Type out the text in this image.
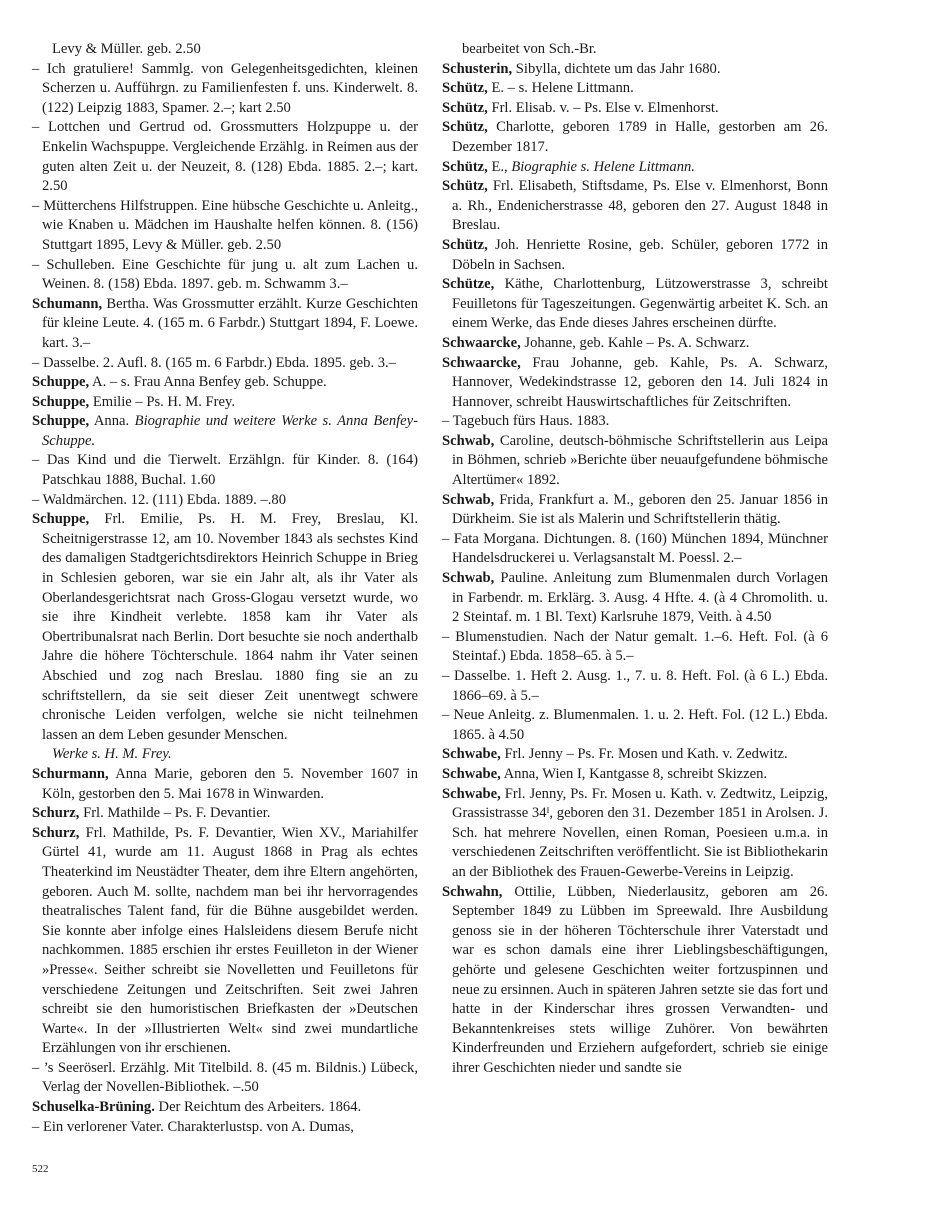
Levy & Müller. geb. 2.50

– Ich gratuliere! Sammlg. von Gelegenheitsgedichten, kleinen Scherzen u. Aufführgn. zu Familienfesten f. uns. Kinderwelt. 8. (122) Leipzig 1883, Spamer. 2.–; kart 2.50

– Lottchen und Gertrud od. Grossmutters Holzpuppe u. der Enkelin Wachspuppe. Vergleichende Erzählg. in Reimen aus der guten alten Zeit u. der Neuzeit, 8. (128) Ebda. 1885. 2.–; kart. 2.50

– Mütterchens Hilfstruppen. Eine hübsche Geschichte u. Anleitg., wie Knaben u. Mädchen im Haushalte helfen können. 8. (156) Stuttgart 1895, Levy & Müller. geb. 2.50

– Schulleben. Eine Geschichte für jung u. alt zum Lachen u. Weinen. 8. (158) Ebda. 1897. geb. m. Schwamm 3.–

Schumann, Bertha. Was Grossmutter erzählt. Kurze Geschichten für kleine Leute. 4. (165 m. 6 Farbdr.) Stuttgart 1894, F. Loewe. kart. 3.–

– Dasselbe. 2. Aufl. 8. (165 m. 6 Farbdr.) Ebda. 1895. geb. 3.–

Schuppe, A. – s. Frau Anna Benfey geb. Schuppe.

Schuppe, Emilie – Ps. H. M. Frey.

Schuppe, Anna. Biographie und weitere Werke s. Anna Benfey-Schuppe.

– Das Kind und die Tierwelt. Erzählgn. für Kinder. 8. (164) Patschkau 1888, Buchal. 1.60

– Waldmärchen. 12. (111) Ebda. 1889. –.80

Schuppe, Frl. Emilie, Ps. H. M. Frey, Breslau, Kl. Scheitnigerstrasse 12, am 10. November 1843 als sechstes Kind des damaligen Stadtgerichtsdirektors Heinrich Schuppe in Brieg in Schlesien geboren, war sie ein Jahr alt, als ihr Vater als Oberlandesgerichtsrat nach Gross-Glogau versetzt wurde, wo sie ihre Kindheit verlebte. 1858 kam ihr Vater als Obertribunalsrat nach Berlin. Dort besuchte sie noch anderthalb Jahre die höhere Töchterschule. 1864 nahm ihr Vater seinen Abschied und zog nach Breslau. 1880 fing sie an zu schriftstellern, da sie seit dieser Zeit unentwegt schwere chronische Leiden verfolgen, welche sie nicht teilnehmen lassen an dem Leben gesunder Menschen.

Werke s. H. M. Frey.

Schurmann, Anna Marie, geboren den 5. November 1607 in Köln, gestorben den 5. Mai 1678 in Winwarden.

Schurz, Frl. Mathilde – Ps. F. Devantier.

Schurz, Frl. Mathilde, Ps. F. Devantier, Wien XV., Mariahilfer Gürtel 41, wurde am 11. August 1868 in Prag als echtes Theaterkind im Neustädter Theater, dem ihre Eltern angehörten, geboren. Auch M. sollte, nachdem man bei ihr hervorragendes theatralisches Talent fand, für die Bühne ausgebildet werden. Sie konnte aber infolge eines Halsleidens diesem Berufe nicht nachkommen. 1885 erschien ihr erstes Feuilleton in der Wiener »Presse«. Seither schreibt sie Novelletten und Feuilletons für verschiedene Zeitungen und Zeitschriften. Seit zwei Jahren schreibt sie den humoristischen Briefkasten der »Deutschen Warte«. In der »Illustrierten Welt« sind zwei mundartliche Erzählungen von ihr erschienen.

– ’s Seeröserl. Erzählg. Mit Titelbild. 8. (45 m. Bildnis.) Lübeck, Verlag der Novellen-Bibliothek. –.50

Schuselka-Brüning. Der Reichtum des Arbeiters. 1864.

– Ein verlorener Vater. Charakterlustsp. von A. Dumas,

bearbeitet von Sch.-Br.

Schusterin, Sibylla, dichtete um das Jahr 1680.

Schütz, E. – s. Helene Littmann.

Schütz, Frl. Elisab. v. – Ps. Else v. Elmenhorst.

Schütz, Charlotte, geboren 1789 in Halle, gestorben am 26. Dezember 1817.

Schütz, E., Biographie s. Helene Littmann.

Schütz, Frl. Elisabeth, Stiftsdame, Ps. Else v. Elmenhorst, Bonn a. Rh., Endenicherstrasse 48, geboren den 27. August 1848 in Breslau.

Schütz, Joh. Henriette Rosine, geb. Schüler, geboren 1772 in Döbeln in Sachsen.

Schütze, Käthe, Charlottenburg, Lützowerstrasse 3, schreibt Feuilletons für Tageszeitungen. Gegenwärtig arbeitet K. Sch. an einem Werke, das Ende dieses Jahres erscheinen dürfte.

Schwaarcke, Johanne, geb. Kahle – Ps. A. Schwarz.

Schwaarcke, Frau Johanne, geb. Kahle, Ps. A. Schwarz, Hannover, Wedekindstrasse 12, geboren den 14. Juli 1824 in Hannover, schreibt Hauswirtschaftliches für Zeitschriften.

– Tagebuch fürs Haus. 1883.

Schwab, Caroline, deutsch-böhmische Schriftstellerin aus Leipa in Böhmen, schrieb »Berichte über neuaufgefundene böhmische Altertümer« 1892.

Schwab, Frida, Frankfurt a. M., geboren den 25. Januar 1856 in Dürkheim. Sie ist als Malerin und Schriftstellerin thätig.

– Fata Morgana. Dichtungen. 8. (160) München 1894, Münchner Handelsdruckerei u. Verlagsanstalt M. Poessl. 2.–

Schwab, Pauline. Anleitung zum Blumenmalen durch Vorlagen in Farbendr. m. Erklärg. 3. Ausg. 4 Hfte. 4. (à 4 Chromolith. u. 2 Steintaf. m. 1 Bl. Text) Karlsruhe 1879, Veith. à 4.50

– Blumenstudien. Nach der Natur gemalt. 1.–6. Heft. Fol. (à 6 Steintaf.) Ebda. 1858–65. à 5.–

– Dasselbe. 1. Heft 2. Ausg. 1., 7. u. 8. Heft. Fol. (à 6 L.) Ebda. 1866–69. à 5.–

– Neue Anleitg. z. Blumenmalen. 1. u. 2. Heft. Fol. (12 L.) Ebda. 1865. à 4.50

Schwabe, Frl. Jenny – Ps. Fr. Mosen und Kath. v. Zedwitz.

Schwabe, Anna, Wien I, Kantgasse 8, schreibt Skizzen.

Schwabe, Frl. Jenny, Ps. Fr. Mosen u. Kath. v. Zedtwitz, Leipzig, Grassistrasse 34ᴵ, geboren den 31. Dezember 1851 in Arolsen. J. Sch. hat mehrere Novellen, einen Roman, Poesieen u.m.a. in verschiedenen Zeitschriften veröffentlicht. Sie ist Bibliothekarin an der Bibliothek des Frauen-Gewerbe-Vereins in Leipzig.

Schwahn, Ottilie, Lübben, Niederlausitz, geboren am 26. September 1849 zu Lübben im Spreewald. Ihre Ausbildung genoss sie in der höheren Töchterschule ihrer Vaterstadt und war es schon damals eine ihrer Lieblingsbeschäftigungen, gehörte und gelesene Geschichten weiter fortzuspinnen und neue zu ersinnen. Auch in späteren Jahren setzte sie das fort und hatte in der Kinderschar ihres grossen Verwandten- und Bekanntenkreises stets willige Zuhörer. Von bewährten Kinderfreunden und Erziehern aufgefordert, schrieb sie einige ihrer Geschichten nieder und sandte sie

522
